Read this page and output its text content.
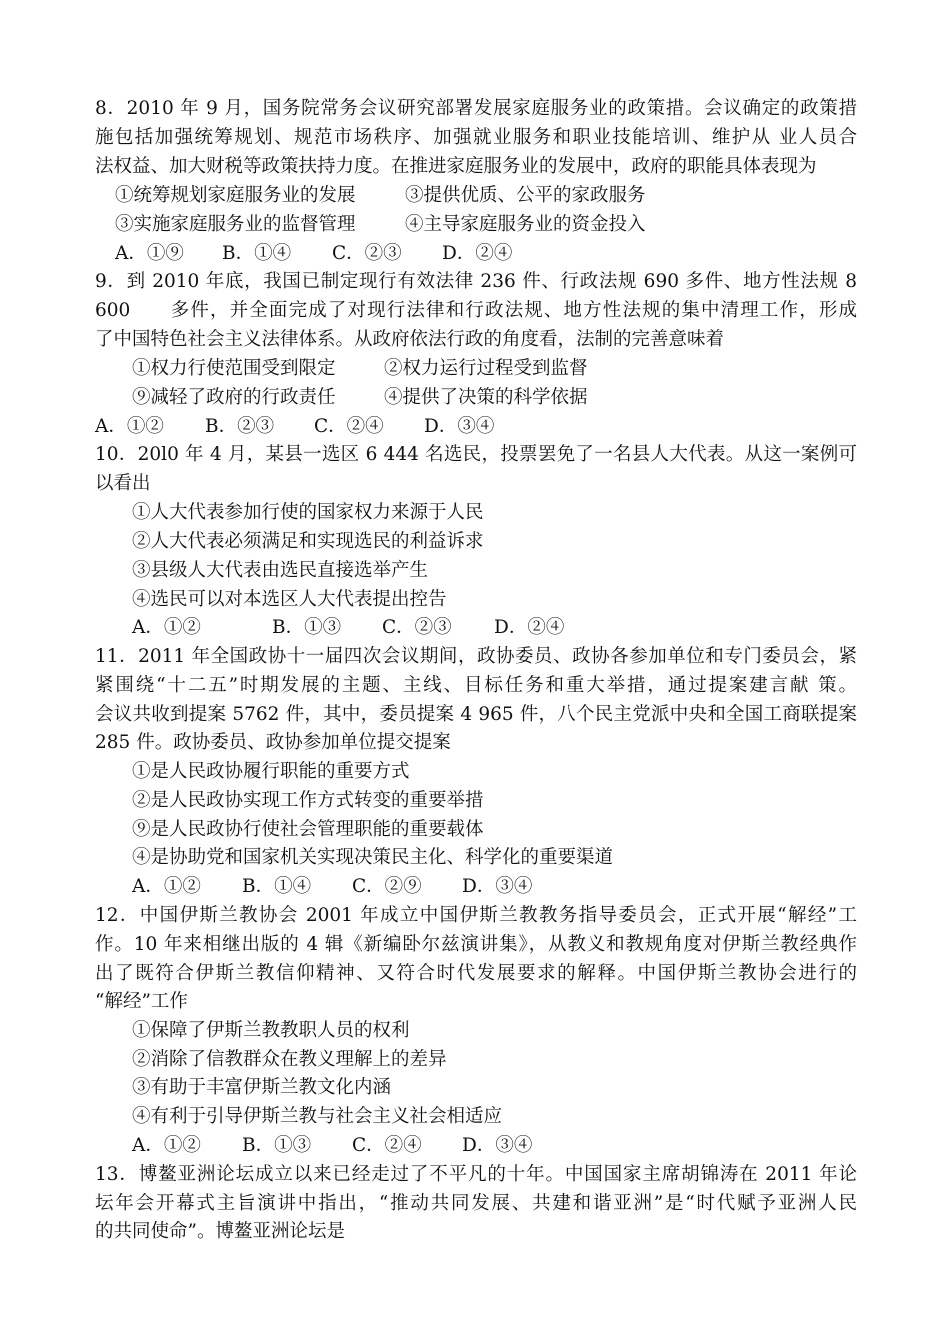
8．2010 年 9 月，国务院常务会议研究部署发展家庭服务业的政策措。会议确定的政策措
施包括加强统筹规划、规范市场秩序、加强就业服务和职业技能培训、维护从 业人员合
法权益、加大财税等政策扶持力度。在推进家庭服务业的发展中，政府的职能具体表现为
①统筹规划家庭服务业的发展	③提供优质、公平的家政服务
③实施家庭服务业的监督管理	④主导家庭服务业的资金投入
A．①⑨ B．①④ C．②③ D．②④
9．到 2010 年底，我国已制定现行有效法律 236 件、行政法规 690 多件、地方性法规 8
600　　多件，并全面完成了对现行法律和行政法规、地方性法规的集中清理工作，形成
了中国特色社会主义法律体系。从政府依法行政的角度看，法制的完善意味着
①权力行使范围受到限定	②权力运行过程受到监督
⑨减轻了政府的行政责任	④提供了决策的科学依据
A．①② B．②③ C．②④ D．③④
10．20l0 年 4 月，某县一选区 6 444 名选民，投票罢免了一名县人大代表。从这一案例可
以看出
①人大代表参加行使的国家权力来源于人民
②人大代表必须满足和实现选民的利益诉求
③县级人大代表由选民直接选举产生
④选民可以对本选区人大代表提出控告
A．①②	B．①③ C．②③ D．②④
11．2011 年全国政协十一届四次会议期间，政协委员、政协各参加单位和专门委员会，紧
紧围绕“十二五”时期发展的主题、主线、目标任务和重大举措，通过提案建言献 策。
会议共收到提案 5762 件，其中，委员提案 4 965 件，八个民主党派中央和全国工商联提案
285 件。政协委员、政协参加单位提交提案
①是人民政协履行职能的重要方式
②是人民政协实现工作方式转变的重要举措
⑨是人民政协行使社会管理职能的重要载体
④是协助党和国家机关实现决策民主化、科学化的重要渠道
A．①② B．①④ C．②⑨ D．③④
12．中国伊斯兰教协会 2001 年成立中国伊斯兰教教务指导委员会，正式开展“解经”工
作。10 年来相继出版的 4 辑《新编卧尔兹演讲集》，从教义和教规角度对伊斯兰教经典作
出了既符合伊斯兰教信仰精神、又符合时代发展要求的解释。中国伊斯兰教协会进行的
“解经”工作
①保障了伊斯兰教教职人员的权利
②消除了信教群众在教义理解上的差异
③有助于丰富伊斯兰教文化内涵
④有利于引导伊斯兰教与社会主义社会相适应
A．①② B．①③ C．②④ D．③④
13．博鳌亚洲论坛成立以来已经走过了不平凡的十年。中国国家主席胡锦涛在 2011 年论
坛年会开幕式主旨演讲中指出，“推动共同发展、共建和谐亚洲”是“时代赋予亚洲人民
的共同使命”。博鳌亚洲论坛是
